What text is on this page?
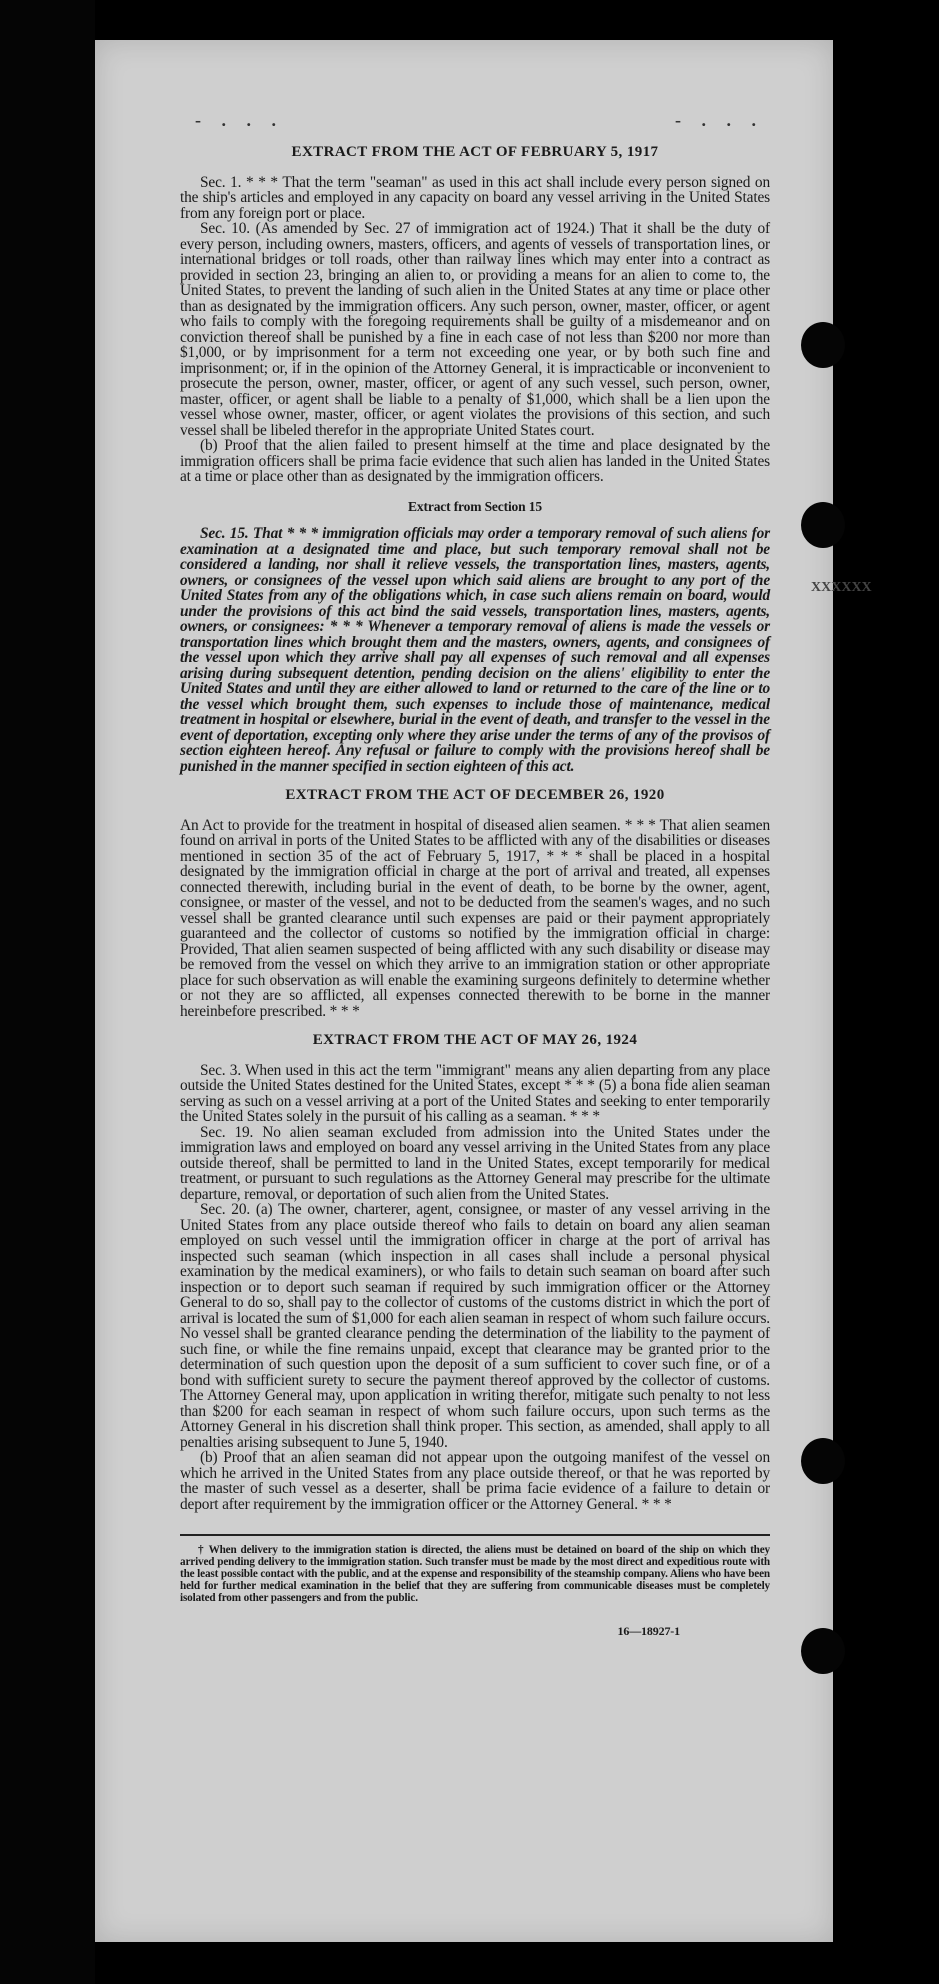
- . . .	- . . .
XXXXXX
EXTRACT FROM THE ACT OF FEBRUARY 5, 1917

Sec. 1. * * * That the term "seaman" as used in this act shall include every person signed on the ship's articles and employed in any capacity on board any vessel arriving in the United States from any foreign port or place.

Sec. 10. (As amended by Sec. 27 of immigration act of 1924.) That it shall be the duty of every person, including owners, masters, officers, and agents of vessels of transportation lines, or international bridges or toll roads, other than railway lines which may enter into a contract as provided in section 23, bringing an alien to, or providing a means for an alien to come to, the United States, to prevent the landing of such alien in the United States at any time or place other than as designated by the immigration officers. Any such person, owner, master, officer, or agent who fails to comply with the foregoing requirements shall be guilty of a misdemeanor and on conviction thereof shall be punished by a fine in each case of not less than $200 nor more than $1,000, or by imprisonment for a term not exceeding one year, or by both such fine and imprisonment; or, if in the opinion of the Attorney General, it is impracticable or inconvenient to prosecute the person, owner, master, officer, or agent of any such vessel, such person, owner, master, officer, or agent shall be liable to a penalty of $1,000, which shall be a lien upon the vessel whose owner, master, officer, or agent violates the provisions of this section, and such vessel shall be libeled therefor in the appropriate United States court.

(b) Proof that the alien failed to present himself at the time and place designated by the immigration officers shall be prima facie evidence that such alien has landed in the United States at a time or place other than as designated by the immigration officers.

Extract from Section 15

Sec. 15. That * * * immigration officials may order a temporary removal of such aliens for examination at a designated time and place, but such temporary removal shall not be considered a landing, nor shall it relieve vessels, the transportation lines, masters, agents, owners, or consignees of the vessel upon which said aliens are brought to any port of the United States from any of the obligations which, in case such aliens remain on board, would under the provisions of this act bind the said vessels, transportation lines, masters, agents, owners, or consignees: * * * Whenever a temporary removal of aliens is made the vessels or transportation lines which brought them and the masters, owners, agents, and consignees of the vessel upon which they arrive shall pay all expenses of such removal and all expenses arising during subsequent detention, pending decision on the aliens' eligibility to enter the United States and until they are either allowed to land or returned to the care of the line or to the vessel which brought them, such expenses to include those of maintenance, medical treatment in hospital or elsewhere, burial in the event of death, and transfer to the vessel in the event of deportation, excepting only where they arise under the terms of any of the provisos of section eighteen hereof. Any refusal or failure to comply with the provisions hereof shall be punished in the manner specified in section eighteen of this act.

EXTRACT FROM THE ACT OF DECEMBER 26, 1920

An Act to provide for the treatment in hospital of diseased alien seamen. * * * That alien seamen found on arrival in ports of the United States to be afflicted with any of the disabilities or diseases mentioned in section 35 of the act of February 5, 1917, * * * shall be placed in a hospital designated by the immigration official in charge at the port of arrival and treated, all expenses connected therewith, including burial in the event of death, to be borne by the owner, agent, consignee, or master of the vessel, and not to be deducted from the seamen's wages, and no such vessel shall be granted clearance until such expenses are paid or their payment appropriately guaranteed and the collector of customs so notified by the immigration official in charge: Provided, That alien seamen suspected of being afflicted with any such disability or disease may be removed from the vessel on which they arrive to an immigration station or other appropriate place for such observation as will enable the examining surgeons definitely to determine whether or not they are so afflicted, all expenses connected therewith to be borne in the manner hereinbefore prescribed. * * *

EXTRACT FROM THE ACT OF MAY 26, 1924

Sec. 3. When used in this act the term "immigrant" means any alien departing from any place outside the United States destined for the United States, except * * * (5) a bona fide alien seaman serving as such on a vessel arriving at a port of the United States and seeking to enter temporarily the United States solely in the pursuit of his calling as a seaman. * * *

Sec. 19. No alien seaman excluded from admission into the United States under the immigration laws and employed on board any vessel arriving in the United States from any place outside thereof, shall be permitted to land in the United States, except temporarily for medical treatment, or pursuant to such regulations as the Attorney General may prescribe for the ultimate departure, removal, or deportation of such alien from the United States.

Sec. 20. (a) The owner, charterer, agent, consignee, or master of any vessel arriving in the United States from any place outside thereof who fails to detain on board any alien seaman employed on such vessel until the immigration officer in charge at the port of arrival has inspected such seaman (which inspection in all cases shall include a personal physical examination by the medical examiners), or who fails to detain such seaman on board after such inspection or to deport such seaman if required by such immigration officer or the Attorney General to do so, shall pay to the collector of customs of the customs district in which the port of arrival is located the sum of $1,000 for each alien seaman in respect of whom such failure occurs. No vessel shall be granted clearance pending the determination of the liability to the payment of such fine, or while the fine remains unpaid, except that clearance may be granted prior to the determination of such question upon the deposit of a sum sufficient to cover such fine, or of a bond with sufficient surety to secure the payment thereof approved by the collector of customs. The Attorney General may, upon application in writing therefor, mitigate such penalty to not less than $200 for each seaman in respect of whom such failure occurs, upon such terms as the Attorney General in his discretion shall think proper. This section, as amended, shall apply to all penalties arising subsequent to June 5, 1940.

(b) Proof that an alien seaman did not appear upon the outgoing manifest of the vessel on which he arrived in the United States from any place outside thereof, or that he was reported by the master of such vessel as a deserter, shall be prima facie evidence of a failure to detain or deport after requirement by the immigration officer or the Attorney General. * * *

† When delivery to the immigration station is directed, the aliens must be detained on board of the ship on which they arrived pending delivery to the immigration station. Such transfer must be made by the most direct and expeditious route with the least possible contact with the public, and at the expense and responsibility of the steamship company. Aliens who have been held for further medical examination in the belief that they are suffering from communicable diseases must be completely isolated from other passengers and from the public.
16—18927-1
